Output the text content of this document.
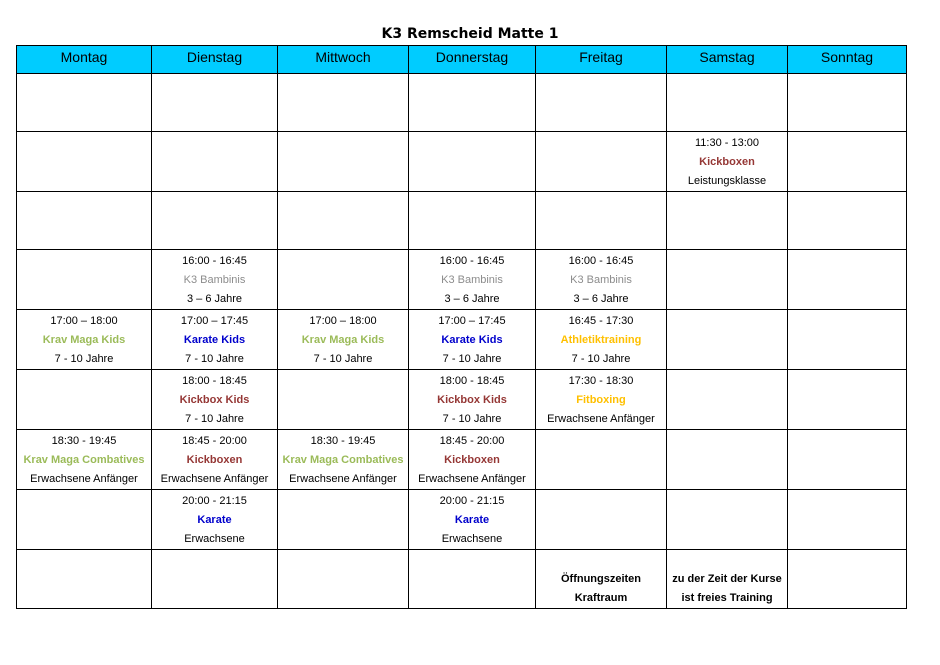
K3 Remscheid Matte 1
Montag	Dienstag	Mittwoch	Donnerstag	Freitag	Samstag	Sonntag

					11:30 - 13:00
Kickboxen
Leistungsklasse	

	16:00 - 16:45
K3 Bambinis
3 – 6 Jahre		16:00 - 16:45
K3 Bambinis
3 – 6 Jahre	16:00 - 16:45
K3 Bambinis
3 – 6 Jahre		

17:00 – 18:00
Krav Maga Kids
7 - 10 Jahre	17:00 – 17:45
Karate Kids
7 - 10 Jahre	17:00 – 18:00
Krav Maga Kids
7 - 10 Jahre	17:00 – 17:45
Karate Kids
7 - 10 Jahre	16:45 - 17:30
Athletiktraining
7 - 10 Jahre		

	18:00 - 18:45
Kickbox Kids
7 - 10 Jahre		18:00 - 18:45
Kickbox Kids
7 - 10 Jahre	17:30 - 18:30
Fitboxing
Erwachsene Anfänger		

18:30 - 19:45
Krav Maga Combatives
Erwachsene Anfänger	18:45 - 20:00
Kickboxen
Erwachsene Anfänger	18:30 - 19:45
Krav Maga Combatives
Erwachsene Anfänger	18:45 - 20:00
Kickboxen
Erwachsene Anfänger			

	20:00 - 21:15
Karate
Erwachsene		20:00 - 21:15
Karate
Erwachsene			

				Öffnungszeiten
Kraftraum	zu der Zeit der Kurse
ist freies Training	
